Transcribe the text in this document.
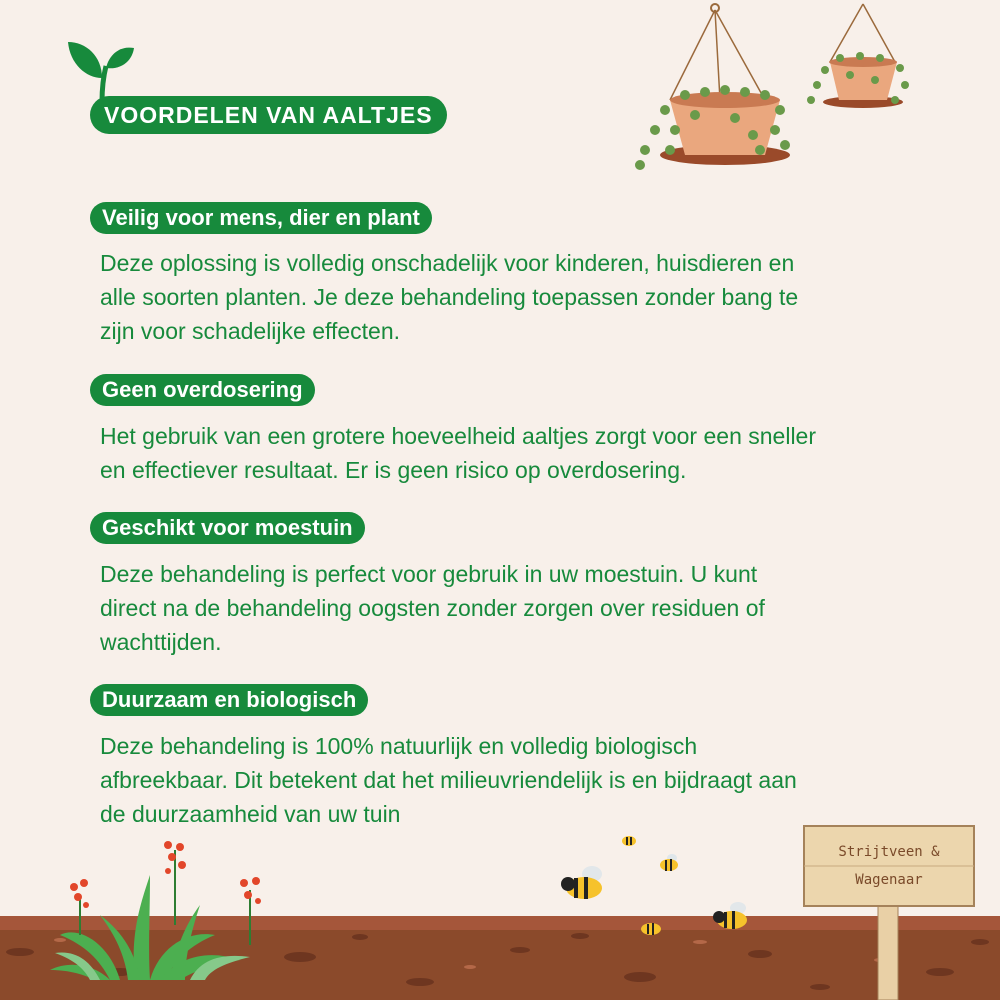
VOORDELEN VAN AALTJES
Veilig voor mens, dier en plant
Deze oplossing is volledig onschadelijk voor kinderen, huisdieren en
alle soorten planten. Je deze behandeling toepassen zonder bang te
zijn voor schadelijke effecten.
Geen overdosering
Het gebruik van een grotere hoeveelheid aaltjes zorgt voor een sneller
en effectiever resultaat. Er is geen risico op overdosering.
Geschikt voor moestuin
Deze behandeling is perfect voor gebruik in uw moestuin. U kunt
direct na de behandeling oogsten zonder zorgen over residuen of
wachttijden.
Duurzaam en biologisch
Deze behandeling is 100% natuurlijk en volledig biologisch
afbreekbaar. Dit betekent dat het milieuvriendelijk is en bijdraagt aan
de duurzaamheid van uw tuin
Strijtveen &
Wagenaar
